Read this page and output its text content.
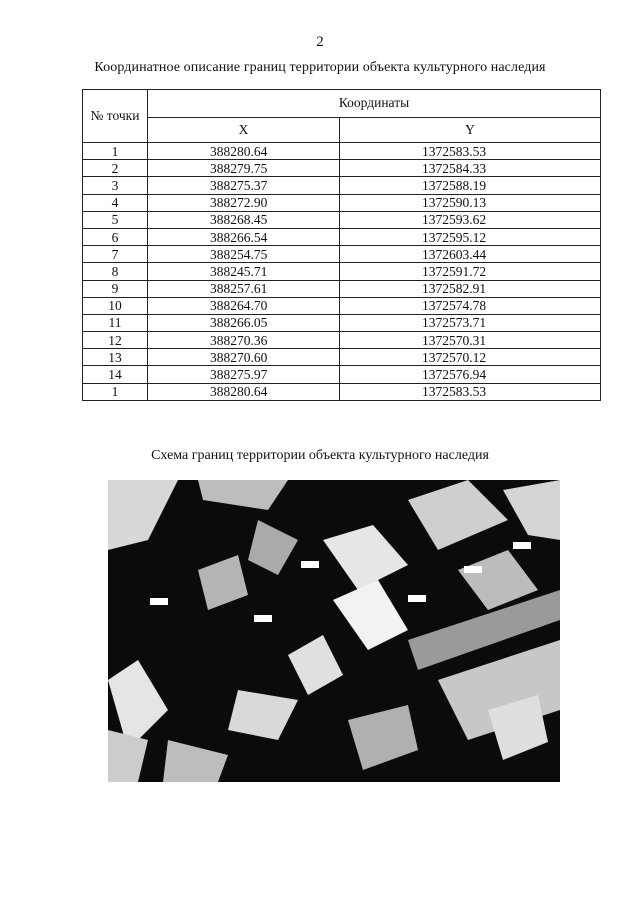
2
Координатное описание границ территории объекта культурного наследия
№ точки	Координаты	
	X	Y
1	388280.64	1372583.53
2	388279.75	1372584.33
3	388275.37	1372588.19
4	388272.90	1372590.13
5	388268.45	1372593.62
6	388266.54	1372595.12
7	388254.75	1372603.44
8	388245.71	1372591.72
9	388257.61	1372582.91
10	388264.70	1372574.78
11	388266.05	1372573.71
12	388270.36	1372570.31
13	388270.60	1372570.12
14	388275.97	1372576.94
1	388280.64	1372583.53
Схема границ территории объекта культурного наследия
